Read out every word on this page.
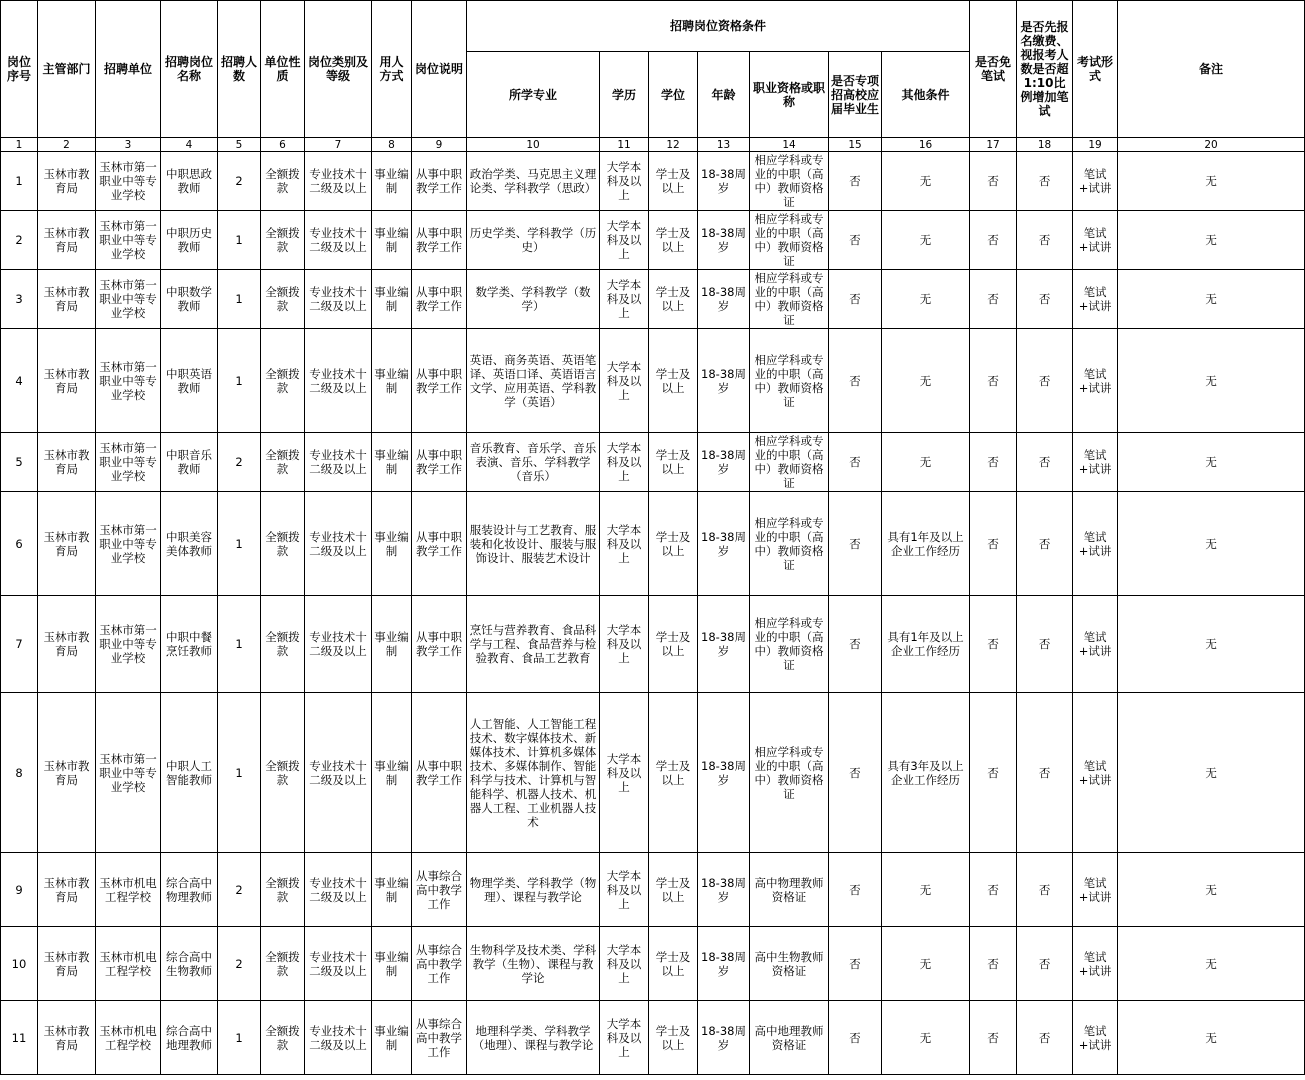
岗位序号	主管部门	招聘单位	招聘岗位名称	招聘人数	单位性质	岗位类别及等级	用人方式	岗位说明	招聘岗位资格条件							是否免笔试	是否先报名缴费、视报考人数是否超1:10比例增加笔试	考试形式	备注
									所学专业	学历	学位	年龄	职业资格或职称	是否专项招高校应届毕业生	其他条件				
1	2	3	4	5	6	7	8	9	10	11	12	13	14	15	16	17	18	19	20
1	玉林市教育局	玉林市第一职业中等专业学校	中职思政教师	2	全额拨款	专业技术十二级及以上	事业编制	从事中职教学工作	政治学类、马克思主义理论类、学科教学（思政）	大学本科及以上	学士及以上	18-38周岁	相应学科或专业的中职（高中）教师资格证	否	无	否	否	笔试+试讲	无
2	玉林市教育局	玉林市第一职业中等专业学校	中职历史教师	1	全额拨款	专业技术十二级及以上	事业编制	从事中职教学工作	历史学类、学科教学（历史）	大学本科及以上	学士及以上	18-38周岁	相应学科或专业的中职（高中）教师资格证	否	无	否	否	笔试+试讲	无
3	玉林市教育局	玉林市第一职业中等专业学校	中职数学教师	1	全额拨款	专业技术十二级及以上	事业编制	从事中职教学工作	数学类、学科教学（数学）	大学本科及以上	学士及以上	18-38周岁	相应学科或专业的中职（高中）教师资格证	否	无	否	否	笔试+试讲	无
4	玉林市教育局	玉林市第一职业中等专业学校	中职英语教师	1	全额拨款	专业技术十二级及以上	事业编制	从事中职教学工作	英语、商务英语、英语笔译、英语口译、英语语言文学、应用英语、学科教学（英语）	大学本科及以上	学士及以上	18-38周岁	相应学科或专业的中职（高中）教师资格证	否	无	否	否	笔试+试讲	无
5	玉林市教育局	玉林市第一职业中等专业学校	中职音乐教师	2	全额拨款	专业技术十二级及以上	事业编制	从事中职教学工作	音乐教育、音乐学、音乐表演、音乐、学科教学（音乐）	大学本科及以上	学士及以上	18-38周岁	相应学科或专业的中职（高中）教师资格证	否	无	否	否	笔试+试讲	无
6	玉林市教育局	玉林市第一职业中等专业学校	中职美容美体教师	1	全额拨款	专业技术十二级及以上	事业编制	从事中职教学工作	服装设计与工艺教育、服装和化妆设计、服装与服饰设计、服装艺术设计	大学本科及以上	学士及以上	18-38周岁	相应学科或专业的中职（高中）教师资格证	否	具有1年及以上企业工作经历	否	否	笔试+试讲	无
7	玉林市教育局	玉林市第一职业中等专业学校	中职中餐烹饪教师	1	全额拨款	专业技术十二级及以上	事业编制	从事中职教学工作	烹饪与营养教育、食品科学与工程、食品营养与检验教育、食品工艺教育	大学本科及以上	学士及以上	18-38周岁	相应学科或专业的中职（高中）教师资格证	否	具有1年及以上企业工作经历	否	否	笔试+试讲	无
8	玉林市教育局	玉林市第一职业中等专业学校	中职人工智能教师	1	全额拨款	专业技术十二级及以上	事业编制	从事中职教学工作	人工智能、人工智能工程技术、数字媒体技术、新媒体技术、计算机多媒体技术、多媒体制作、智能科学与技术、计算机与智能科学、机器人技术、机器人工程、工业机器人技术	大学本科及以上	学士及以上	18-38周岁	相应学科或专业的中职（高中）教师资格证	否	具有3年及以上企业工作经历	否	否	笔试+试讲	无
9	玉林市教育局	玉林市机电工程学校	综合高中物理教师	2	全额拨款	专业技术十二级及以上	事业编制	从事综合高中教学工作	物理学类、学科教学（物理）、课程与教学论	大学本科及以上	学士及以上	18-38周岁	高中物理教师资格证	否	无	否	否	笔试+试讲	无
10	玉林市教育局	玉林市机电工程学校	综合高中生物教师	2	全额拨款	专业技术十二级及以上	事业编制	从事综合高中教学工作	生物科学及技术类、学科教学（生物）、课程与教学论	大学本科及以上	学士及以上	18-38周岁	高中生物教师资格证	否	无	否	否	笔试+试讲	无
11	玉林市教育局	玉林市机电工程学校	综合高中地理教师	1	全额拨款	专业技术十二级及以上	事业编制	从事综合高中教学工作	地理科学类、学科教学（地理）、课程与教学论	大学本科及以上	学士及以上	18-38周岁	高中地理教师资格证	否	无	否	否	笔试+试讲	无
